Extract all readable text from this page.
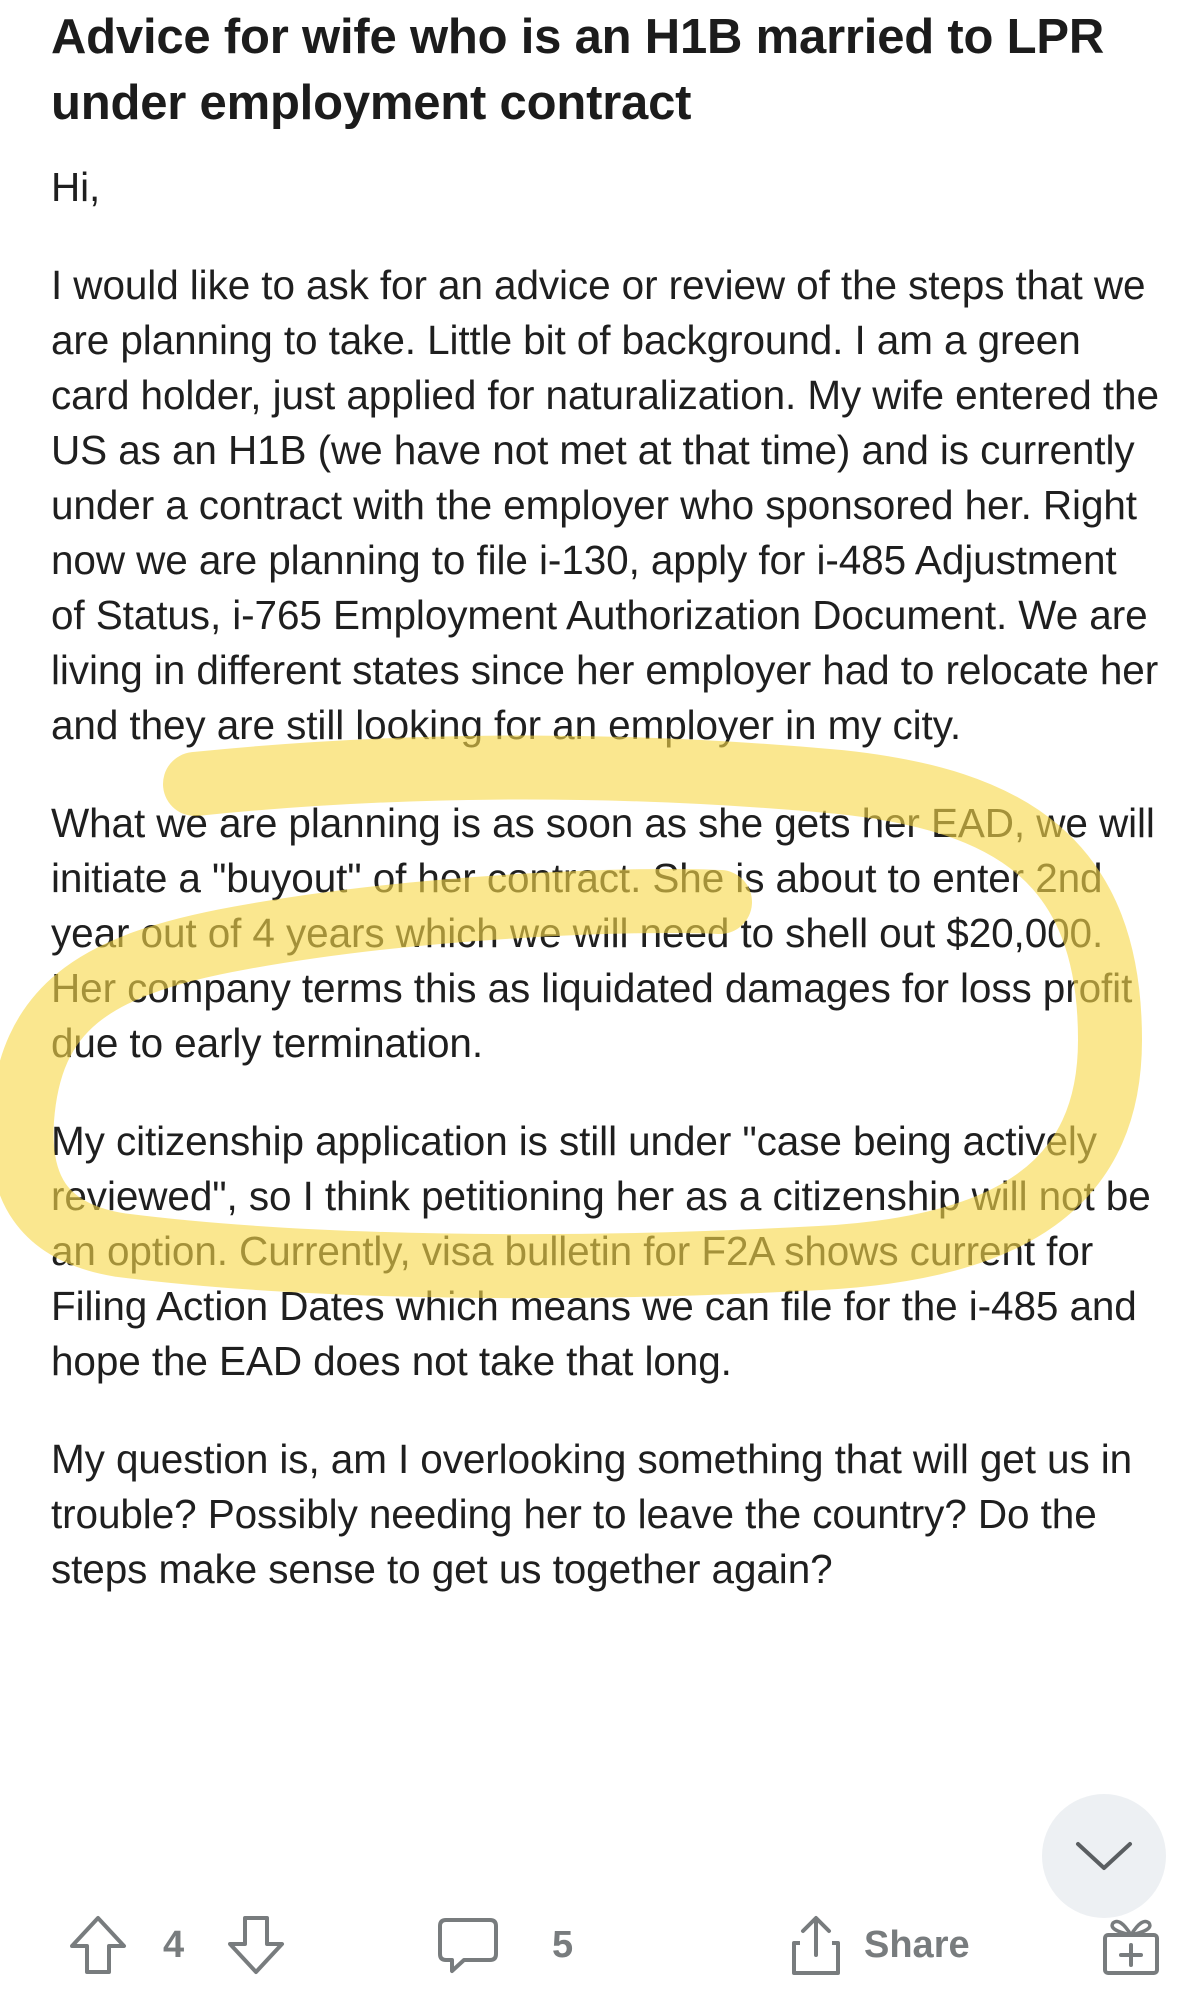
Advice for wife who is an H1B married to LPR under employment contract

Hi,

I would like to ask for an advice or review of the steps that we are planning to take. Little bit of background. I am a green card holder, just applied for naturalization. My wife entered the US as an H1B (we have not met at that time) and is currently under a contract with the employer who sponsored her. Right now we are planning to file i-130, apply for i-485 Adjustment of Status, i-765 Employment Authorization Document. We are living in different states since her employer had to relocate her and they are still looking for an employer in my city.

What we are planning is as soon as she gets her EAD, we will initiate a "buyout" of her contract. She is about to enter 2nd year out of 4 years which we will need to shell out $20,000. Her company terms this as liquidated damages for loss profit due to early termination.

My citizenship application is still under "case being actively reviewed", so I think petitioning her as a citizenship will not be an option. Currently, visa bulletin for F2A shows current for Filing Action Dates which means we can file for the i-485 and hope the EAD does not take that long.

My question is, am I overlooking something that will get us in trouble? Possibly needing her to leave the country? Do the steps make sense to get us together again?

4	5	Share
